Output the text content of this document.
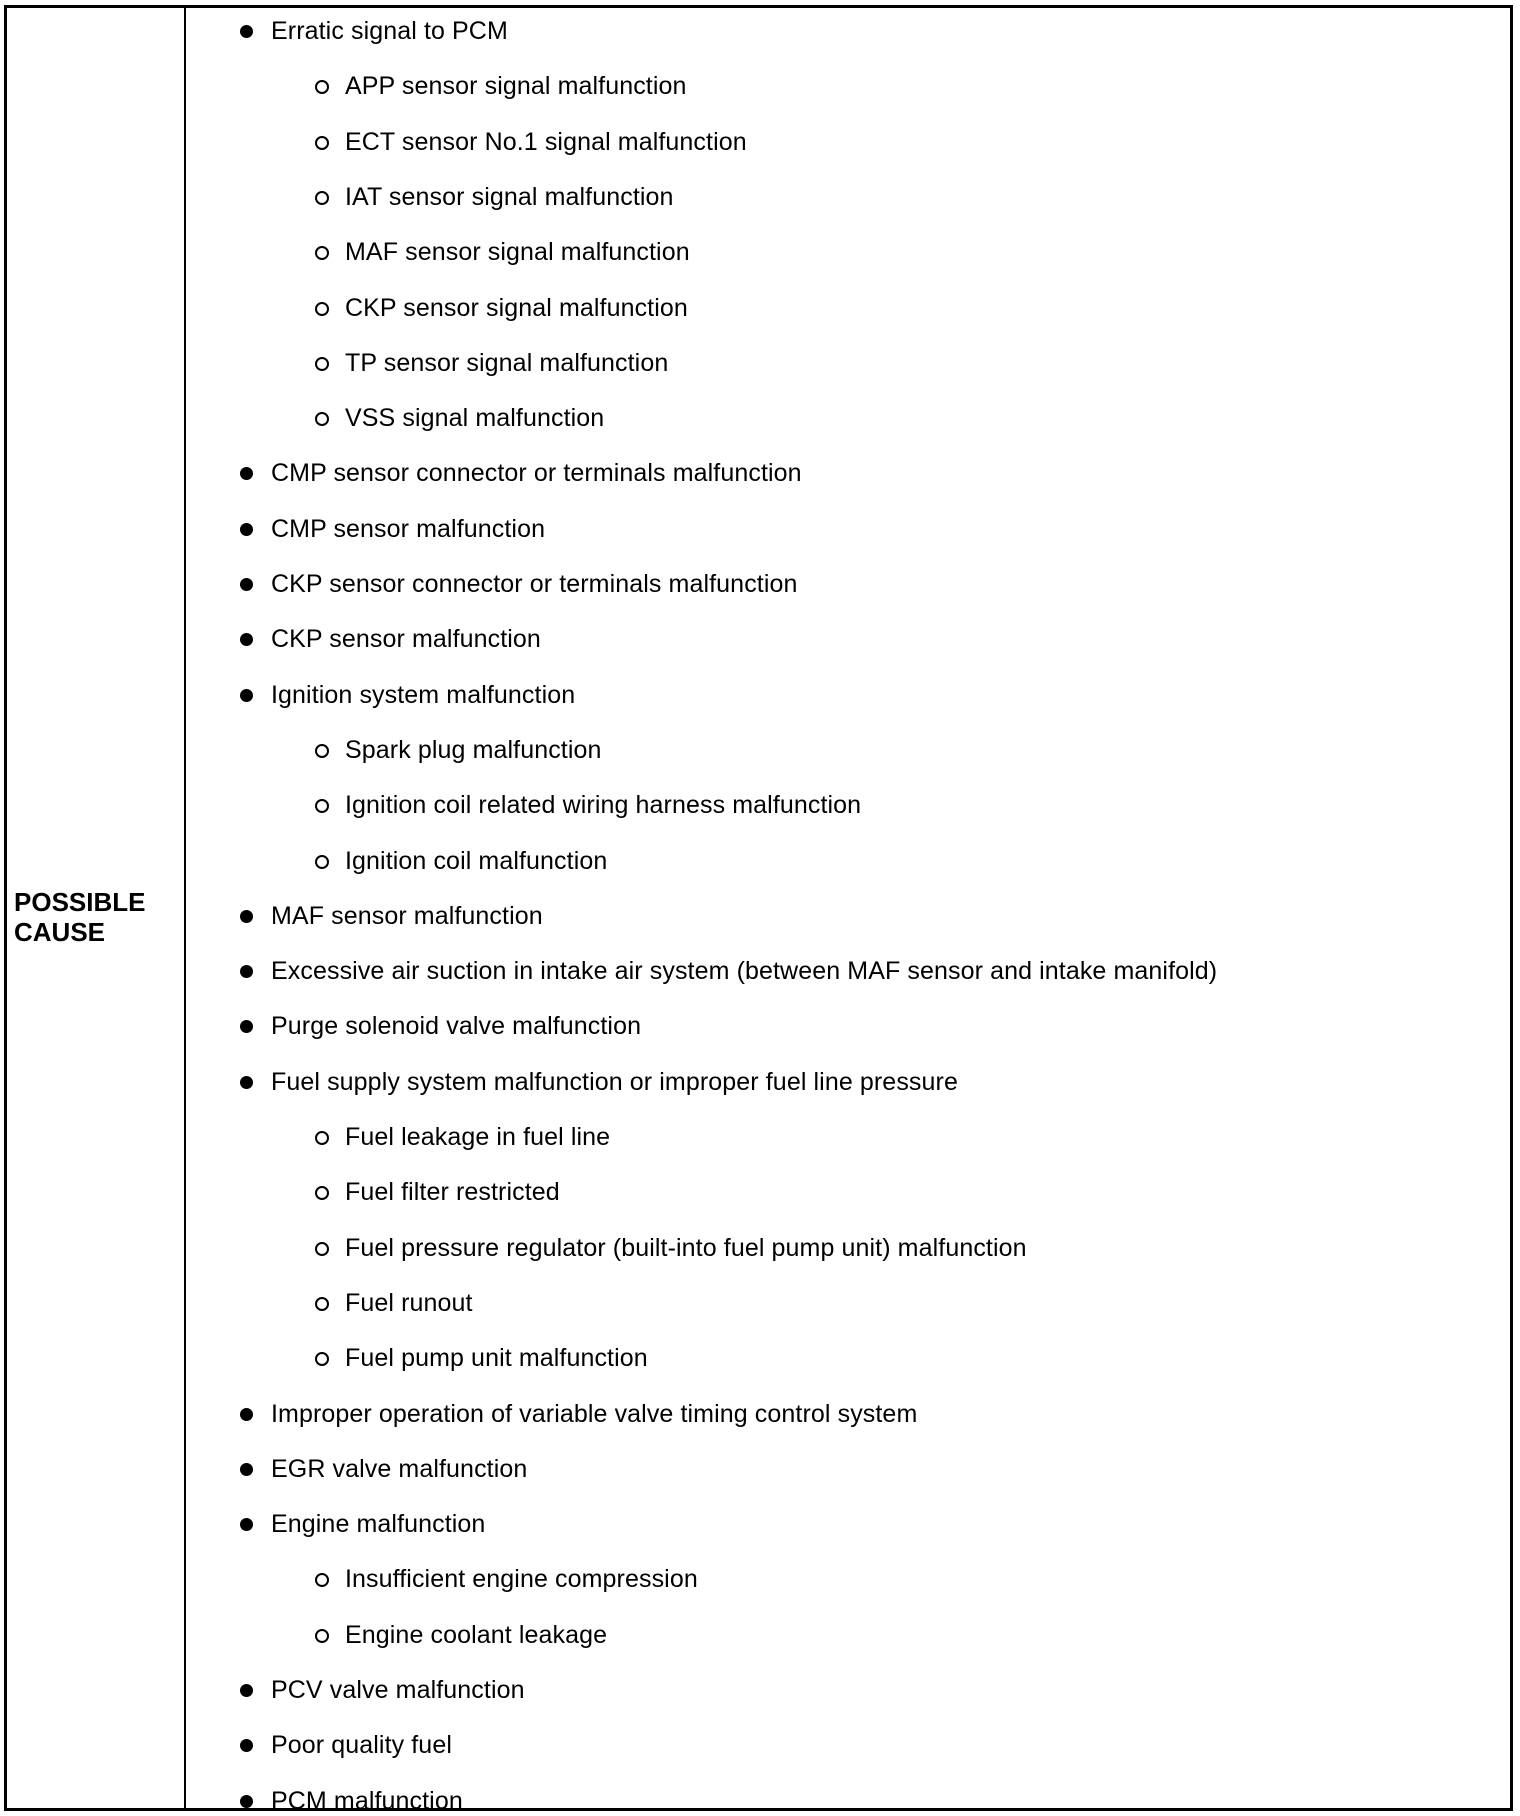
POSSIBLE CAUSE
Erratic signal to PCM
APP sensor signal malfunction
ECT sensor No.1 signal malfunction
IAT sensor signal malfunction
MAF sensor signal malfunction
CKP sensor signal malfunction
TP sensor signal malfunction
VSS signal malfunction
CMP sensor connector or terminals malfunction
CMP sensor malfunction
CKP sensor connector or terminals malfunction
CKP sensor malfunction
Ignition system malfunction
Spark plug malfunction
Ignition coil related wiring harness malfunction
Ignition coil malfunction
MAF sensor malfunction
Excessive air suction in intake air system (between MAF sensor and intake manifold)
Purge solenoid valve malfunction
Fuel supply system malfunction or improper fuel line pressure
Fuel leakage in fuel line
Fuel filter restricted
Fuel pressure regulator (built-into fuel pump unit) malfunction
Fuel runout
Fuel pump unit malfunction
Improper operation of variable valve timing control system
EGR valve malfunction
Engine malfunction
Insufficient engine compression
Engine coolant leakage
PCV valve malfunction
Poor quality fuel
PCM malfunction
